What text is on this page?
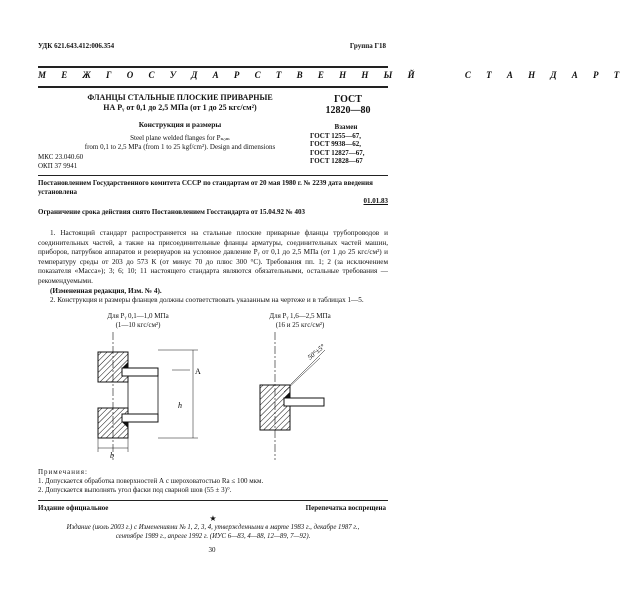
УДК 621.643.412:006.354	Группа Г18
М Е Ж Г О С У Д А Р С Т В Е Н Н Ы Й     С Т А Н Д А Р Т
ФЛАНЦЫ СТАЛЬНЫЕ ПЛОСКИЕ ПРИВАРНЫЕ
НА Pᵧ от 0,1 до 2,5 МПа (от 1 до 25 кгс/см²)
Конструкция и размеры
Steel plane welded flanges for Pₙₒₘ
from 0,1 to 2,5 MPa (from 1 to 25 kgf/cm²). Design and dimensions
ГОСТ
12820—80
Взамен
ГОСТ 1255—67,
ГОСТ 9938—62,
ГОСТ 12827—67,
ГОСТ 12828—67
МКС 23.040.60
ОКП 37 9941
Постановлением Государственного комитета СССР по стандартам от 20 мая 1980 г. № 2239 дата введения установлена
01.01.83
Ограничение срока действия снято Постановлением Госстандарта от 15.04.92 № 403

1. Настоящий стандарт распространяется на стальные плоские приварные фланцы трубопроводов и соединительных частей, а также на присоединительные фланцы арматуры, соединительных частей машин, приборов, патрубков аппаратов и резервуаров на условное давление Pᵧ от 0,1 до 2,5 МПа (от 1 до 25 кгс/см²) и температуру среды от 203 до 573 К (от минус 70 до плюс 300 °С). Требования пп. 1; 2 (за исключением показателя «Масса»); 3; 6; 10; 11 настоящего стандарта являются обязательными, остальные требования — рекомендуемыми.

(Измененная редакция, Изм. № 4).

2. Конструкция и размеры фланцев должны соответствовать указанным на чертеже и в таблицах 1—5.

Для Pᵧ 0,1—1,0 МПа
(1—10 кгс/см²)
Для Pᵧ 1,6—2,5 МПа
(16 и 25 кгс/см²)
А
b
h
50°±5°
Примечания:
1. Допускается обработка поверхностей А с шероховатостью Ra ≤ 100 мкм.
2. Допускается выполнять угол фаски под сварной шов (55 ± 3)°.
Издание официальное	Перепечатка воспрещена
★
Издание (июль 2003 г.) с Изменениями № 1, 2, 3, 4, утвержденными в марте 1983 г., декабре 1987 г., сентябре 1989 г., апреле 1992 г. (ИУС 6—83, 4—88, 12—89, 7—92).
30
